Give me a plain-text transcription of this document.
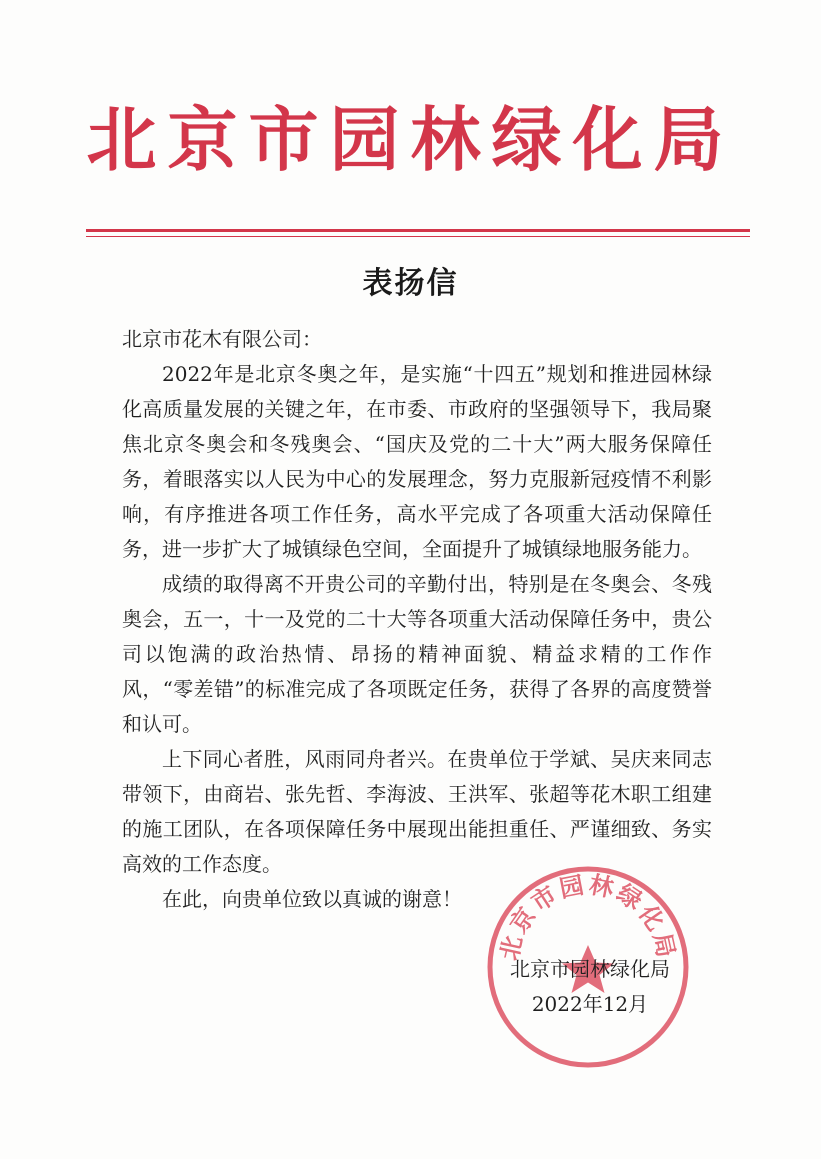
北京市园林绿化局
表扬信

北京市花木有限公司：

2022年是北京冬奥之年，是实施“十四五”规划和推进园林绿化高质量发展的关键之年，在市委、市政府的坚强领导下，我局聚焦北京冬奥会和冬残奥会、“国庆及党的二十大”两大服务保障任务，着眼落实以人民为中心的发展理念，努力克服新冠疫情不利影响，有序推进各项工作任务，高水平完成了各项重大活动保障任务，进一步扩大了城镇绿色空间，全面提升了城镇绿地服务能力。

成绩的取得离不开贵公司的辛勤付出，特别是在冬奥会、冬残奥会，五一，十一及党的二十大等各项重大活动保障任务中，贵公司以饱满的政治热情、昂扬的精神面貌、精益求精的工作作风，“零差错”的标准完成了各项既定任务，获得了各界的高度赞誉和认可。

上下同心者胜，风雨同舟者兴。在贵单位于学斌、吴庆来同志带领下，由商岩、张先哲、李海波、王洪军、张超等花木职工组建的施工团队，在各项保障任务中展现出能担重任、严谨细致、务实高效的工作态度。

在此，向贵单位致以真诚的谢意！

北京市园林绿化局
北京市园林绿化局
2022年12月
